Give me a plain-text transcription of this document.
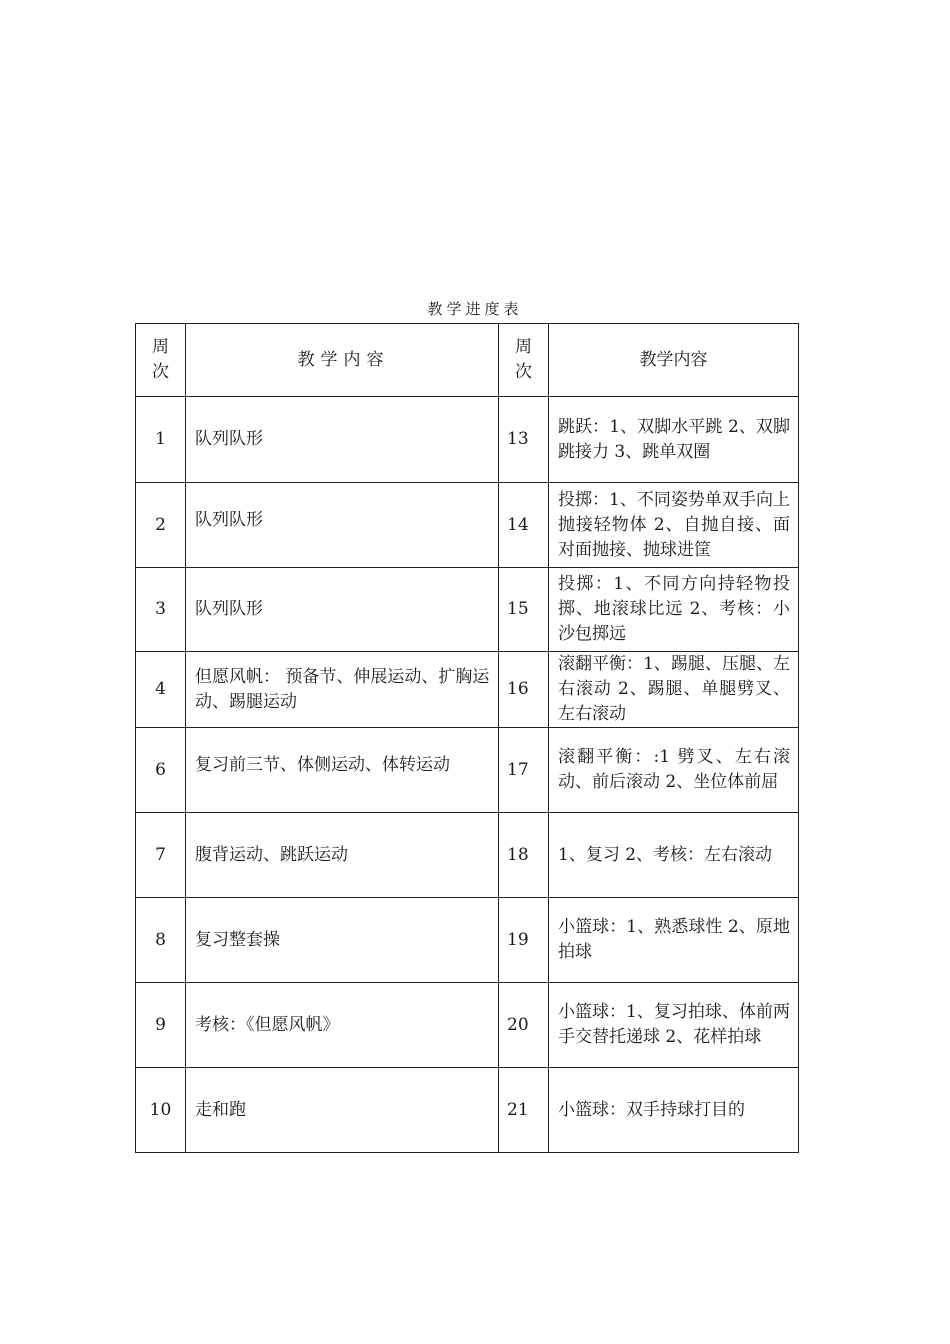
教学进度表
周次	教学内容	周次	教学内容
1	队列队形	13	跳跃：1、双脚水平跳 2、双脚跳接力 3、跳单双圈
2	队列队形	14	投掷：1、不同姿势单双手向上抛接轻物体 2、自抛自接、面对面抛接、抛球进筐
3	队列队形	15	投掷：1、不同方向持轻物投掷、地滚球比远 2、考核：小沙包掷远
4	但愿风帆： 预备节、伸展运动、扩胸运动、踢腿运动	16	滚翻平衡：1、踢腿、压腿、左右滚动 2、踢腿、单腿劈叉、左右滚动
6	复习前三节、体侧运动、体转运动	17	滚翻平衡：:1 劈叉、左右滚动、前后滚动 2、坐位体前屈
7	腹背运动、跳跃运动	18	1、复习 2、考核：左右滚动
8	复习整套操	19	小篮球：1、熟悉球性 2、原地拍球
9	考核：《但愿风帆》	20	小篮球：1、复习拍球、体前两手交替托递球 2、花样拍球
10	走和跑	21	小篮球：双手持球打目的
